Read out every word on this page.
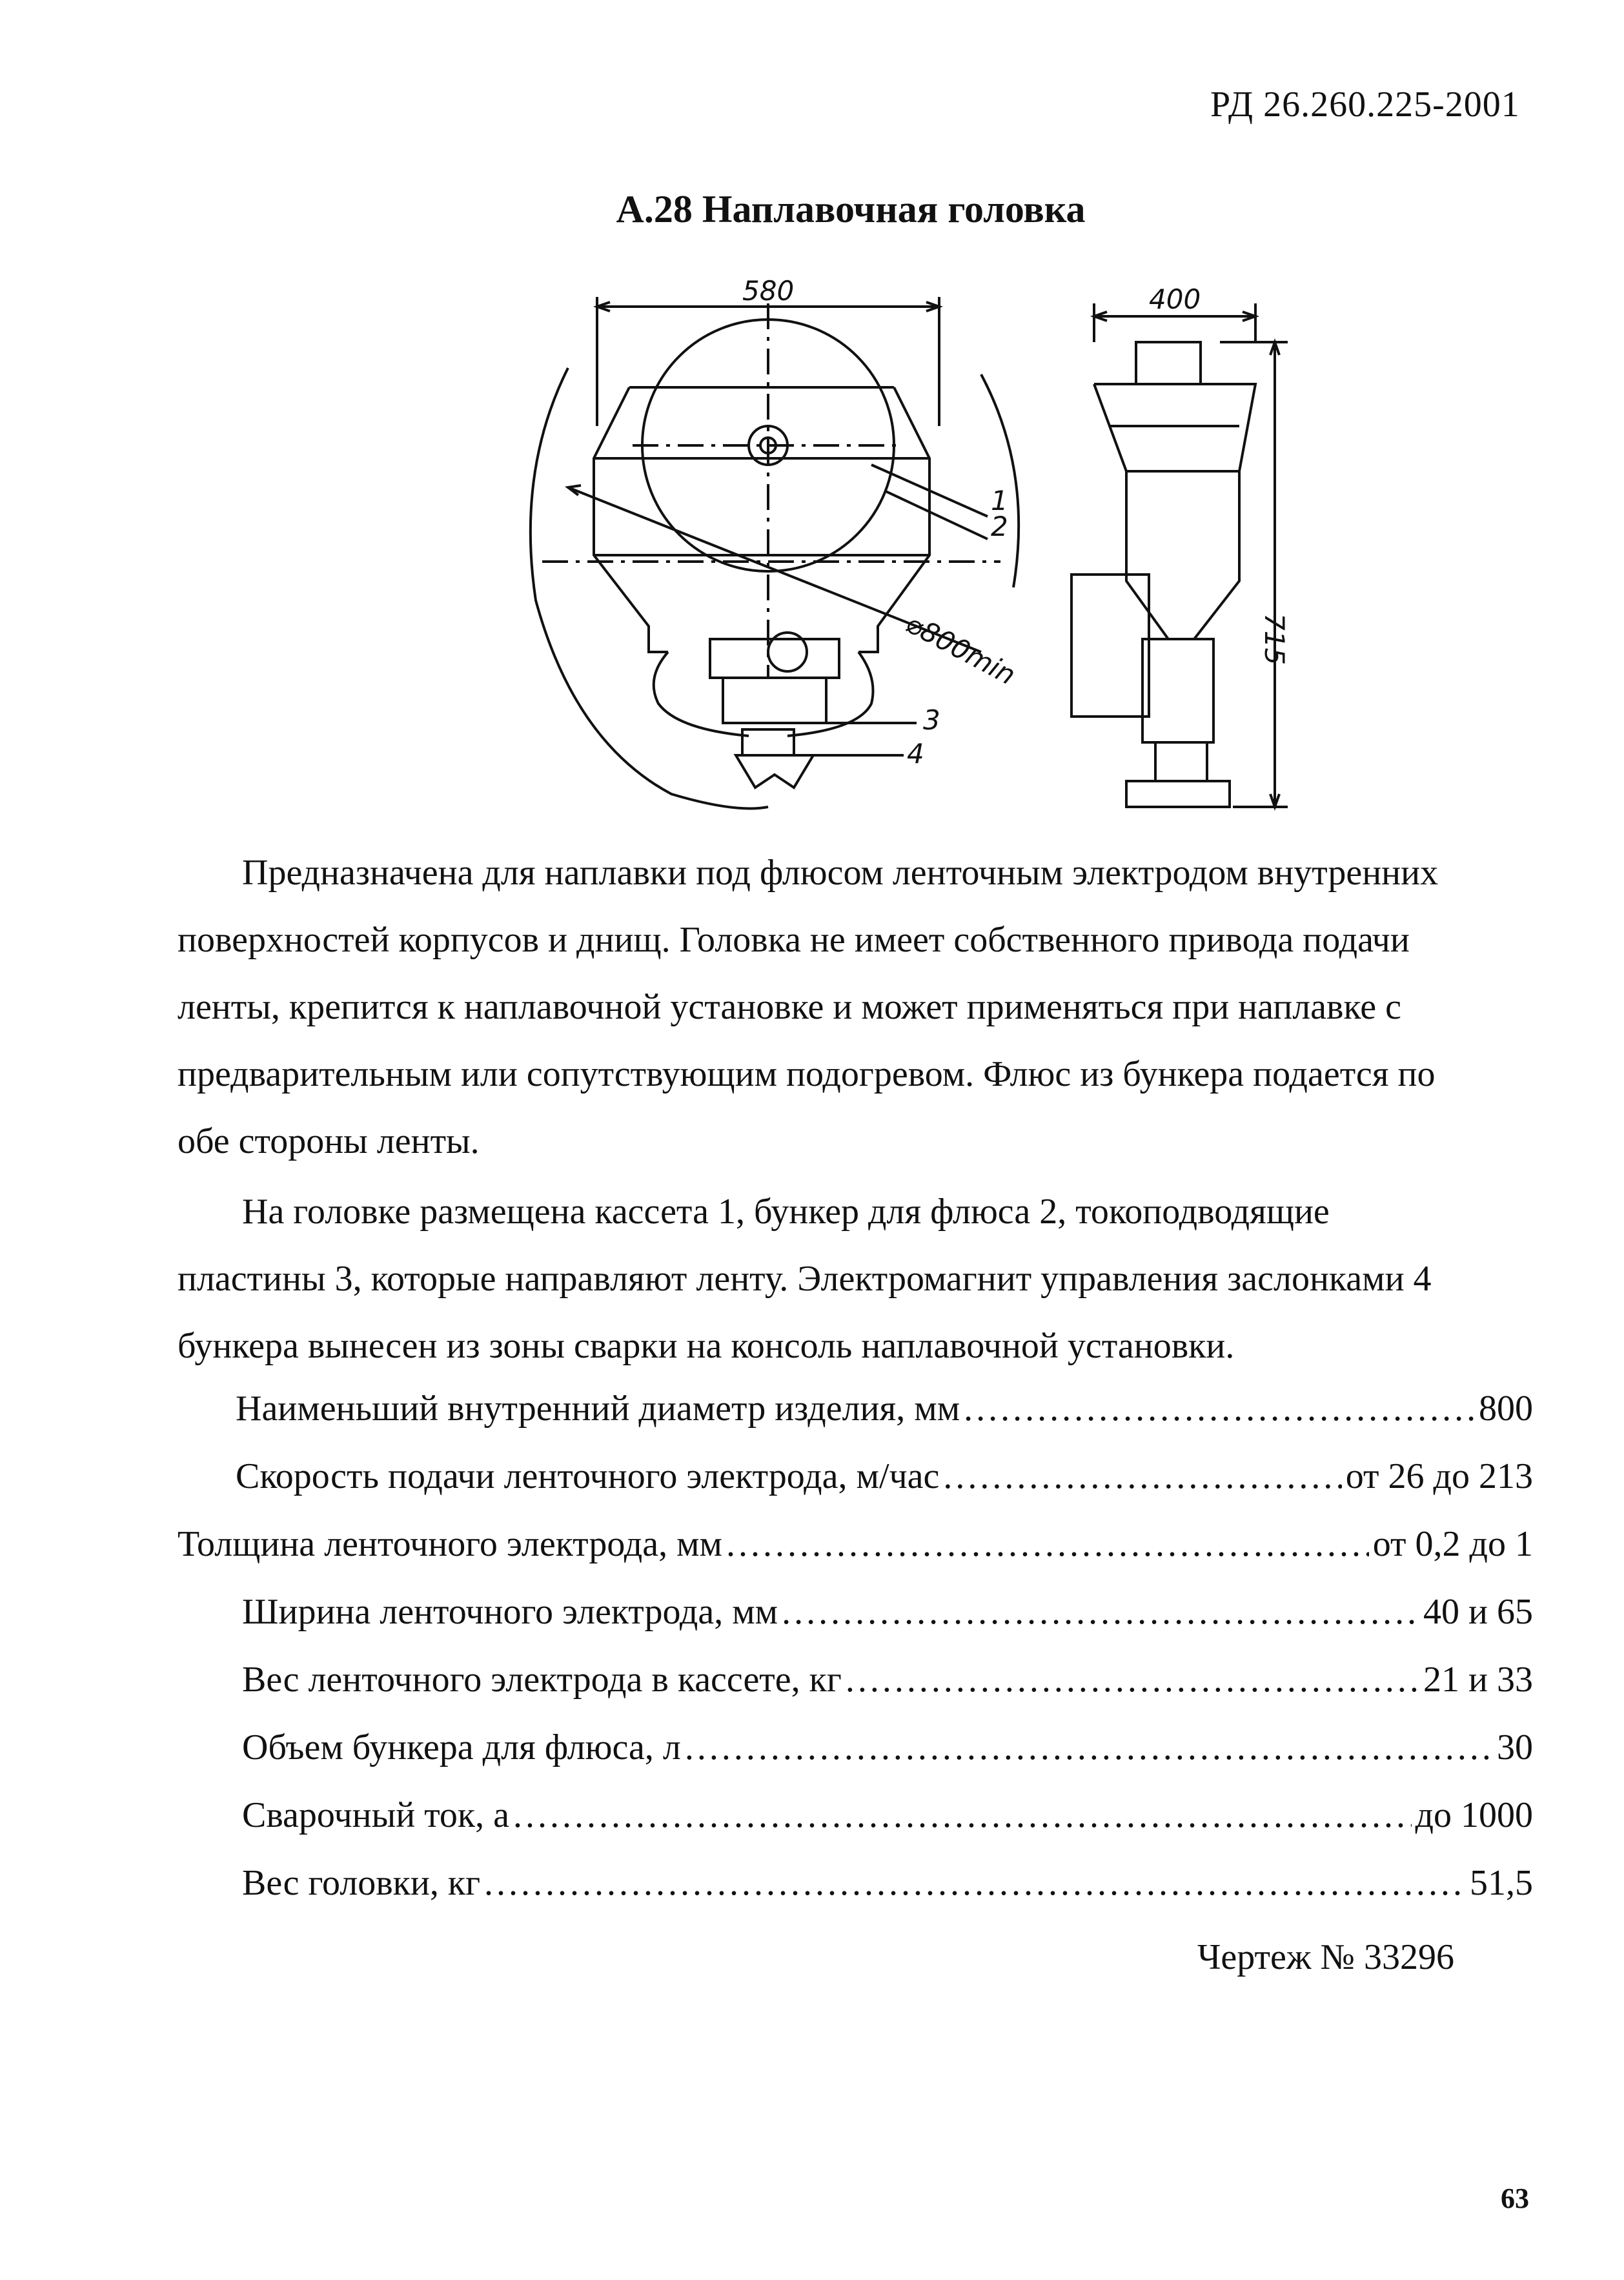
РД 26.260.225-2001
А.28 Наплавочная головка
580	400
715
⌀800min
1
2
3
4
Предназначена для наплавки под флюсом ленточным электродом внутренних
поверхностей корпусов и днищ. Головка не имеет собственного привода подачи
ленты, крепится к наплавочной установке и может применяться при наплавке с
предварительным или сопутствующим подогревом. Флюс из бункера подается по
обе стороны ленты.
На головке размещена кассета 1, бункер для флюса 2, токоподводящие
пластины 3, которые направляют ленту. Электромагнит управления заслонками 4
бункера вынесен из зоны сварки на консоль наплавочной установки.
Наименьший внутренний диаметр изделия, мм .....	800
Скорость подачи ленточного электрода, м/час .....	от 26 до 213
Толщина ленточного электрода, мм .....	от 0,2 до 1
Ширина ленточного электрода, мм .....	40 и 65
Вес ленточного электрода в кассете, кг .....	21 и 33
Объем бункера для флюса, л .....	30
Сварочный ток, а .....	до 1000
Вес головки, кг .....	51,5
Чертеж № 33296
63
